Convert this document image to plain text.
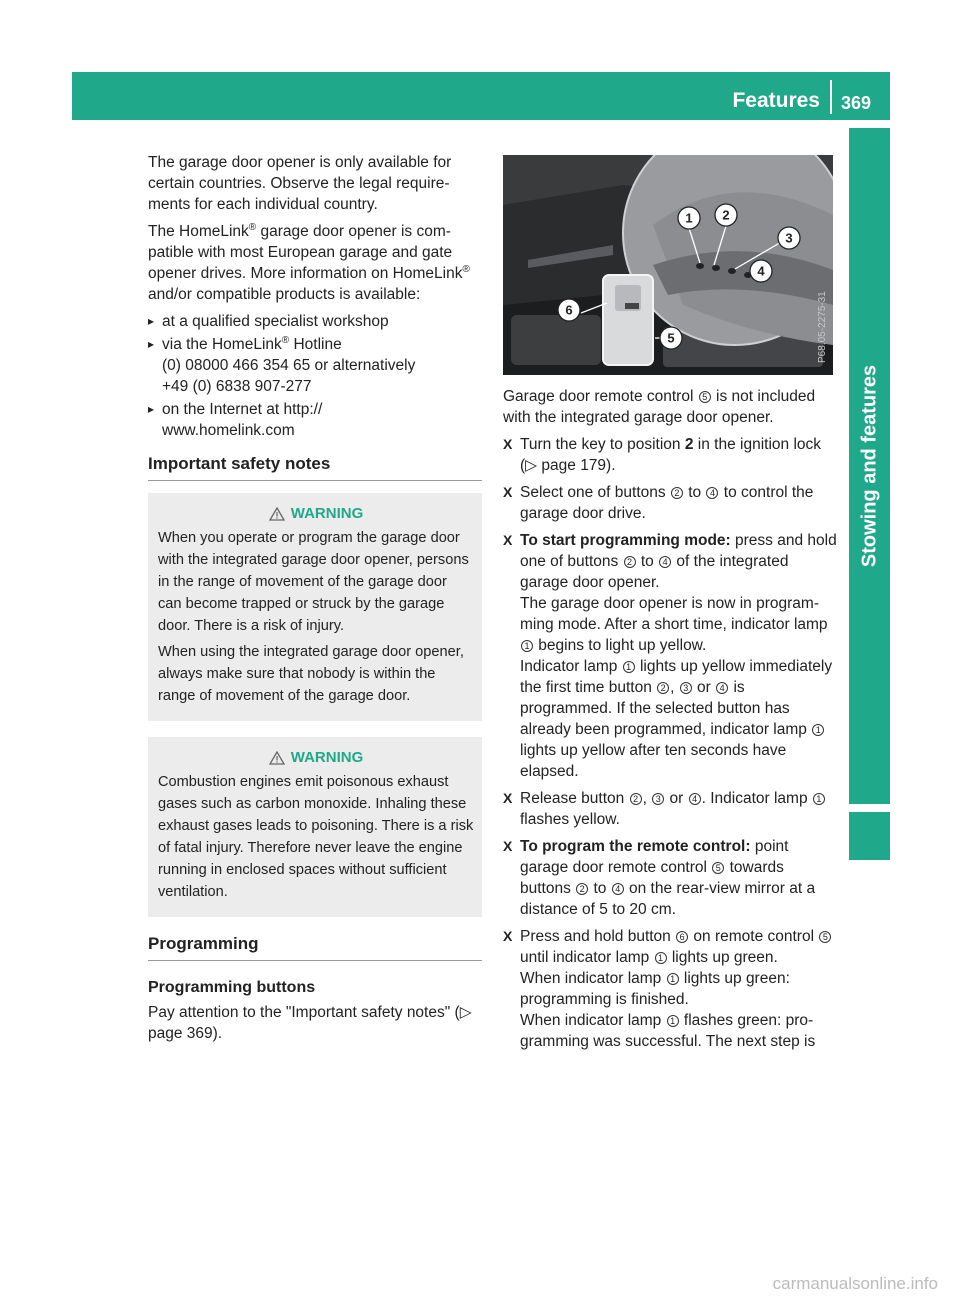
Features 369
Stowing and features

The garage door opener is only available for certain countries. Observe the legal requirements for each individual country.

The HomeLink® garage door opener is compatible with most European garage and gate opener drives. More information on HomeLink® and/or compatible products is available:

▸ at a qualified specialist workshop
▸ via the HomeLink® Hotline
(0) 08000 466 354 65 or alternatively
+49 (0) 6838 907-277
▸ on the Internet at http://
www.homelink.com
Important safety notes
WARNING

When you operate or program the garage door with the integrated garage door opener, persons in the range of movement of the garage door can become trapped or struck by the garage door. There is a risk of injury.

When using the integrated garage door opener, always make sure that nobody is within the range of movement of the garage door.

WARNING

Combustion engines emit poisonous exhaust gases such as carbon monoxide. Inhaling these exhaust gases leads to poisoning. There is a risk of fatal injury. Therefore never leave the engine running in enclosed spaces without sufficient ventilation.

Programming
Programming buttons

Pay attention to the "Important safety notes" (▷ page 369).

1 2
3
4
5
6	P68.05-2275-31

Garage door remote control 5 is not included with the integrated garage door opener.

X Turn the key to position 2 in the ignition lock (▷ page 179).

X Select one of buttons 2 to 4 to control the garage door drive.

X To start programming mode: press and hold one of buttons 2 to 4 of the integrated garage door opener.

The garage door opener is now in programming mode. After a short time, indicator lamp 1 begins to light up yellow.

Indicator lamp 1 lights up yellow immediately the first time button 2 , 3 or 4 is programmed. If the selected button has already been programmed, indicator lamp 1 lights up yellow after ten seconds have elapsed.

X Release button 2 , 3 or 4 . Indicator lamp 1 flashes yellow.

X To program the remote control: point garage door remote control 5 towards buttons 2 to 4 on the rear-view mirror at a distance of 5 to 20 cm.

X Press and hold button 6 on remote control 5 until indicator lamp 1 lights up green.

When indicator lamp 1 lights up green: programming is finished.

When indicator lamp 1 flashes green: programming was successful. The next step is

carmanualsonline.info
